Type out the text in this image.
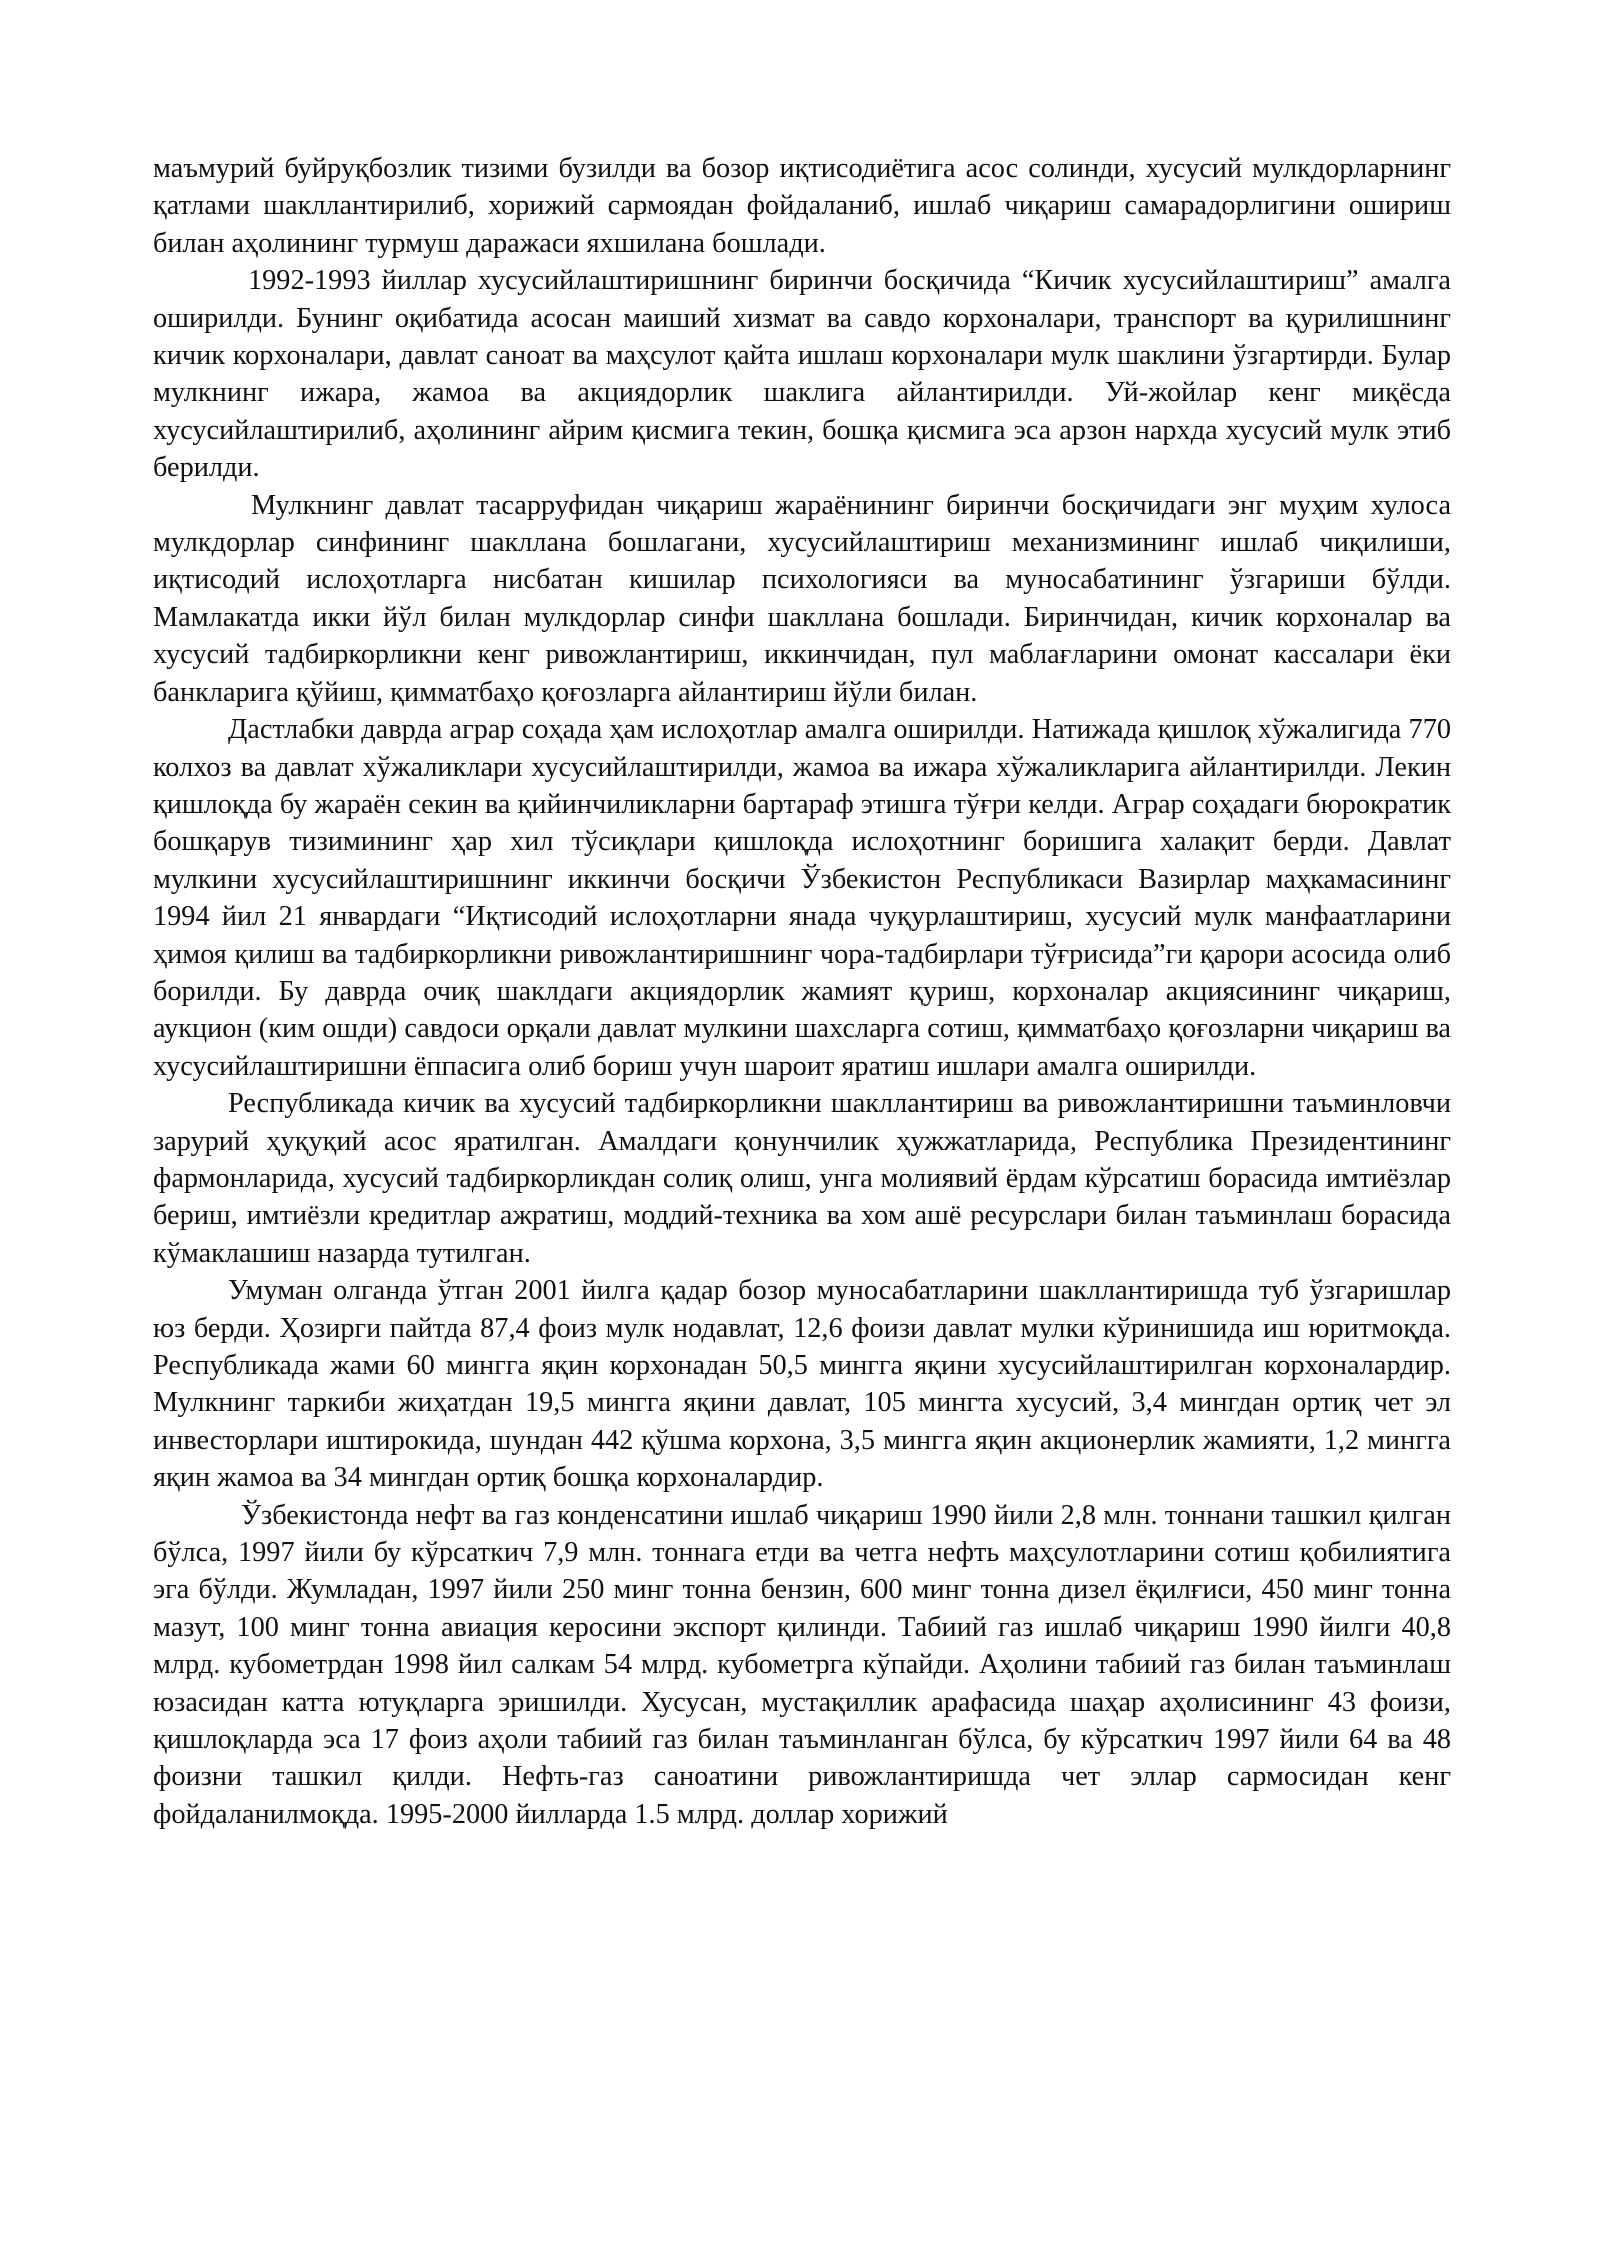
маъмурий буйруқбозлик тизими бузилди ва бозор иқтисодиётига асос солинди, хусусий мулкдорларнинг қатлами шакллантирилиб, хорижий сармоядан фойдаланиб, ишлаб чиқариш самарадорлигини ошириш билан аҳолининг турмуш даражаси яхшилана бошлади.

1992-1993 йиллар хусусийлаштиришнинг биринчи босқичида “Кичик хусусийлаштириш” амалга оширилди. Бунинг оқибатида асосан маиший хизмат ва савдо корхоналари, транспорт ва қурилишнинг кичик корхоналари, давлат саноат ва маҳсулот қайта ишлаш корхоналари мулк шаклини ўзгартирди. Булар мулкнинг ижара, жамоа ва акциядорлик шаклига айлантирилди. Уй-жойлар кенг миқёсда хусусийлаштирилиб, аҳолининг айрим қисмига текин, бошқа қисмига эса арзон нархда хусусий мулк этиб берилди.

Мулкнинг давлат тасарруфидан чиқариш жараёнининг биринчи босқичидаги энг муҳим хулоса мулкдорлар синфининг шакллана бошлагани, хусусийлаштириш механизмининг ишлаб чиқилиши, иқтисодий ислоҳотларга нисбатан кишилар психологияси ва муносабатининг ўзгариши бўлди. Мамлакатда икки йўл билан мулкдорлар синфи шакллана бошлади. Биринчидан, кичик корхоналар ва хусусий тадбиркорликни кенг ривожлантириш, иккинчидан, пул маблағларини омонат кассалари ёки банкларига қўйиш, қимматбаҳо қоғозларга айлантириш йўли билан.

Дастлабки даврда аграр соҳада ҳам ислоҳотлар амалга оширилди. Натижада қишлоқ хўжалигида 770 колхоз ва давлат хўжаликлари хусусийлаштирилди, жамоа ва ижара хўжаликларига айлантирилди. Лекин қишлоқда бу жараён секин ва қийинчиликларни бартараф этишга тўғри келди. Аграр соҳадаги бюрократик бошқарув тизимининг ҳар хил тўсиқлари қишлоқда ислоҳотнинг боришига халақит берди. Давлат мулкини хусусийлаштиришнинг иккинчи босқичи Ўзбекистон Республикаси Вазирлар маҳкамасининг 1994 йил 21 январдаги “Иқтисодий ислоҳотларни янада чуқурлаштириш, хусусий мулк манфаатларини ҳимоя қилиш ва тадбиркорликни ривожлантиришнинг чора-тадбирлари тўғрисида”ги қарори асосида олиб борилди. Бу даврда очиқ шаклдаги акциядорлик жамият қуриш, корхоналар акциясининг чиқариш, аукцион (ким ошди) савдоси орқали давлат мулкини шахсларга сотиш, қимматбаҳо қоғозларни чиқариш ва хусусийлаштиришни ёппасига олиб бориш учун шароит яратиш ишлари амалга оширилди.

Республикада кичик ва хусусий тадбиркорликни шакллантириш ва ривожлантиришни таъминловчи зарурий ҳуқуқий асос яратилган. Амалдаги қонунчилик ҳужжатларида, Республика Президентининг фармонларида, хусусий тадбиркорликдан солиқ олиш, унга молиявий ёрдам кўрсатиш борасида имтиёзлар бериш, имтиёзли кредитлар ажратиш, моддий-техника ва хом ашё ресурслари билан таъминлаш борасида кўмаклашиш назарда тутилган.

Умуман олганда ўтган 2001 йилга қадар бозор муносабатларини шакллантиришда туб ўзгаришлар юз берди. Ҳозирги пайтда 87,4 фоиз мулк нодавлат, 12,6 фоизи давлат мулки кўринишида иш юритмоқда. Республикада жами 60 мингга яқин корхонадан 50,5 мингга яқини хусусийлаштирилган корхоналардир. Мулкнинг таркиби жиҳатдан 19,5 мингга яқини давлат, 105 мингта хусусий, 3,4 мингдан ортиқ чет эл инвесторлари иштирокида, шундан 442 қўшма корхона, 3,5 мингга яқин акционерлик жамияти, 1,2 мингга яқин жамоа ва 34 мингдан ортиқ бошқа корхоналардир.

Ўзбекистонда нефт ва газ конденсатини ишлаб чиқариш 1990 йили 2,8 млн. тоннани ташкил қилган бўлса, 1997 йили бу кўрсаткич 7,9 млн. тоннага етди ва четга нефть маҳсулотларини сотиш қобилиятига эга бўлди. Жумладан, 1997 йили 250 минг тонна бензин, 600 минг тонна дизел ёқилғиси, 450 минг тонна мазут, 100 минг тонна авиация керосини экспорт қилинди. Табиий газ ишлаб чиқариш 1990 йилги 40,8 млрд. кубометрдан 1998 йил салкам 54 млрд. кубометрга кўпайди. Аҳолини табиий газ билан таъминлаш юзасидан катта ютуқларга эришилди. Хусусан, мустақиллик арафасида шаҳар аҳолисининг 43 фоизи, қишлоқларда эса 17 фоиз аҳоли табиий газ билан таъминланган бўлса, бу кўрсаткич 1997 йили 64 ва 48 фоизни ташкил қилди. Нефть-газ саноатини ривожлантиришда чет эллар сармосидан кенг фойдаланилмоқда. 1995-2000 йилларда 1.5 млрд. доллар хорижий
